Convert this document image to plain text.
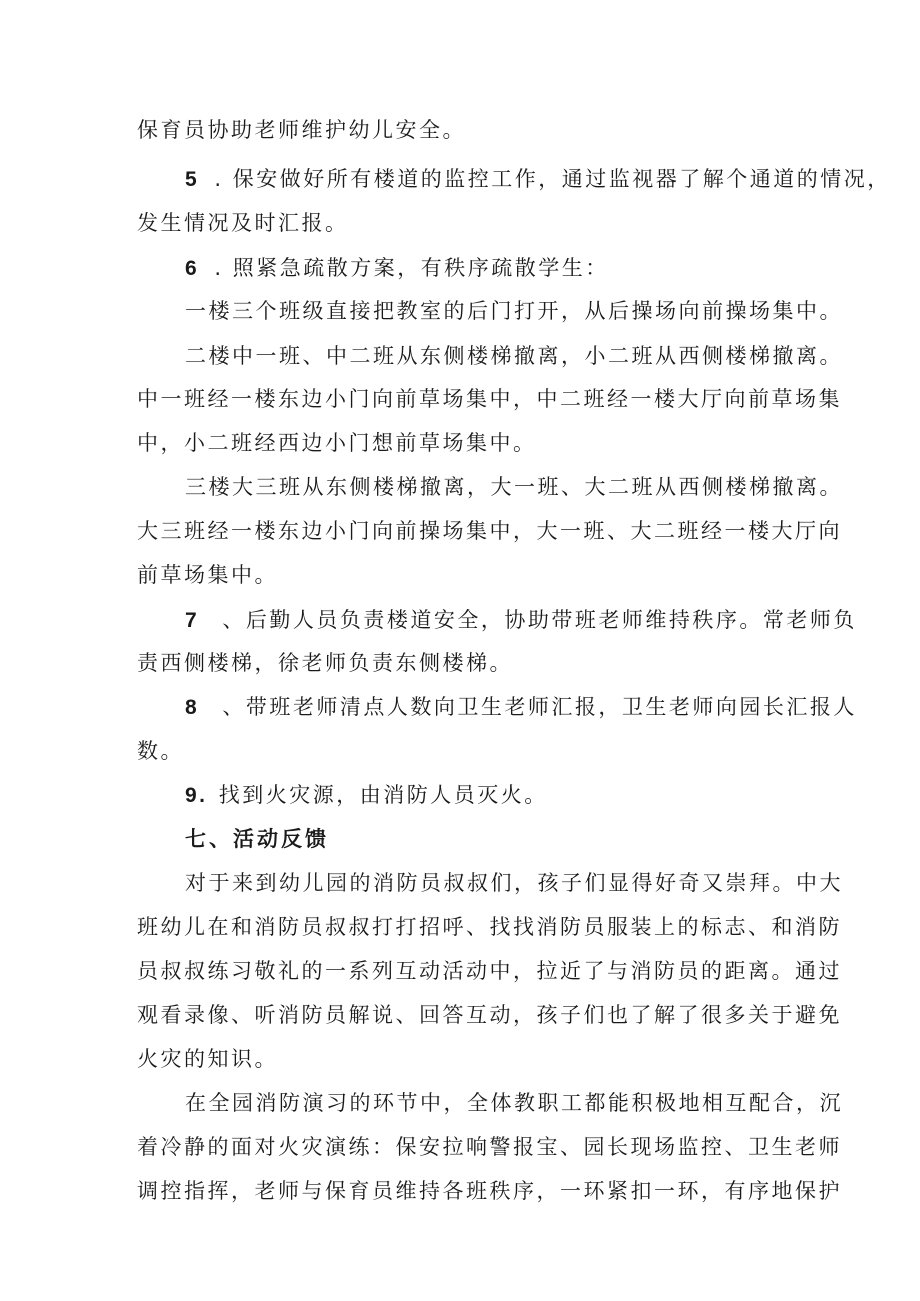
保育员协助老师维护幼儿安全。
5 . 保安做好所有楼道的监控工作，通过监视器了解个通道的情况，
发生情况及时汇报。
6 . 照紧急疏散方案，有秩序疏散学生：
一楼三个班级直接把教室的后门打开，从后操场向前操场集中。
二楼中一班、中二班从东侧楼梯撤离，小二班从西侧楼梯撤离。
中一班经一楼东边小门向前草场集中，中二班经一楼大厅向前草场集
中，小二班经西边小门想前草场集中。
三楼大三班从东侧楼梯撤离，大一班、大二班从西侧楼梯撤离。
大三班经一楼东边小门向前操场集中，大一班、大二班经一楼大厅向
前草场集中。
7 、后勤人员负责楼道安全，协助带班老师维持秩序。常老师负
责西侧楼梯，徐老师负责东侧楼梯。
8 、带班老师清点人数向卫生老师汇报，卫生老师向园长汇报人
数。
9. 找到火灾源，由消防人员灭火。
七、活动反馈
对于来到幼儿园的消防员叔叔们，孩子们显得好奇又崇拜。中大
班幼儿在和消防员叔叔打打招呼、找找消防员服装上的标志、和消防
员叔叔练习敬礼的一系列互动活动中，拉近了与消防员的距离。通过
观看录像、听消防员解说、回答互动，孩子们也了解了很多关于避免
火灾的知识。
在全园消防演习的环节中，全体教职工都能积极地相互配合，沉
着冷静的面对火灾演练：保安拉响警报宝、园长现场监控、卫生老师
调控指挥，老师与保育员维持各班秩序，一环紧扣一环，有序地保护
